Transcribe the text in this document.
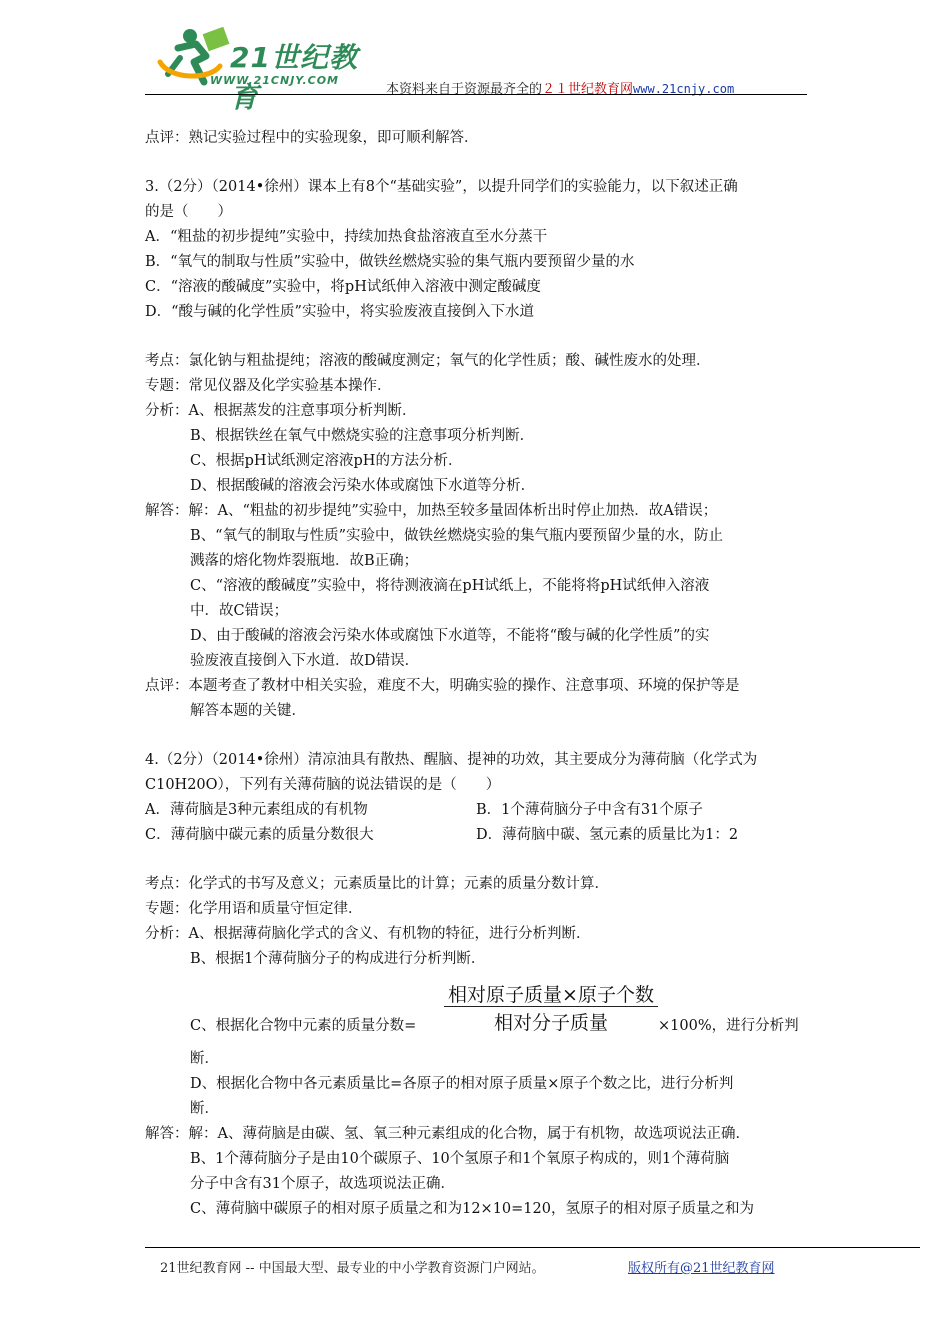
21世纪教育
WWW.21CNJY.COM
本资料来自于资源最齐全的２１世纪教育网www.21cnjy.com
点评：熟记实验过程中的实验现象，即可顺利解答．
3.（2分）（2014•徐州）课本上有8个“基础实验”，以提升同学们的实验能力，以下叙述正确
的是（　　）
A．“粗盐的初步提纯”实验中，持续加热食盐溶液直至水分蒸干
B．“氧气的制取与性质”实验中，做铁丝燃烧实验的集气瓶内要预留少量的水
C．“溶液的酸碱度”实验中，将pH试纸伸入溶液中测定酸碱度
D．“酸与碱的化学性质”实验中，将实验废液直接倒入下水道
考点：氯化钠与粗盐提纯；溶液的酸碱度测定；氧气的化学性质；酸、碱性废水的处理．
专题：常见仪器及化学实验基本操作．
分析：A、根据蒸发的注意事项分析判断．
B、根据铁丝在氧气中燃烧实验的注意事项分析判断．
C、根据pH试纸测定溶液pH的方法分析．
D、根据酸碱的溶液会污染水体或腐蚀下水道等分析．
解答：解：A、“粗盐的初步提纯”实验中，加热至较多量固体析出时停止加热．故A错误；
B、“氧气的制取与性质”实验中，做铁丝燃烧实验的集气瓶内要预留少量的水，防止
溅落的熔化物炸裂瓶地．故B正确；
C、“溶液的酸碱度”实验中，将待测液滴在pH试纸上，不能将将pH试纸伸入溶液
中．故C错误；
D、由于酸碱的溶液会污染水体或腐蚀下水道等，不能将“酸与碱的化学性质”的实
验废液直接倒入下水道．故D错误．
点评：本题考查了教材中相关实验，难度不大，明确实验的操作、注意事项、环境的保护等是
解答本题的关键．
4.（2分）（2014•徐州）清凉油具有散热、醒脑、提神的功效，其主要成分为薄荷脑（化学式为
C10H20O），下列有关薄荷脑的说法错误的是（　　）
A．薄荷脑是3种元素组成的有机物	B．1个薄荷脑分子中含有31个原子
C．薄荷脑中碳元素的质量分数很大	D．薄荷脑中碳、氢元素的质量比为1：2
考点：化学式的书写及意义；元素质量比的计算；元素的质量分数计算．
专题：化学用语和质量守恒定律．
分析：A、根据薄荷脑化学式的含义、有机物的特征，进行分析判断．
B、根据1个薄荷脑分子的构成进行分析判断．
C、根据化合物中元素的质量分数=	×100%，进行分析判
断．
D、根据化合物中各元素质量比=各原子的相对原子质量×原子个数之比，进行分析判
断．
解答：解：A、薄荷脑是由碳、氢、氧三种元素组成的化合物，属于有机物，故选项说法正确．
B、1个薄荷脑分子是由10个碳原子、10个氢原子和1个氧原子构成的，则1个薄荷脑
分子中含有31个原子，故选项说法正确．
C、薄荷脑中碳原子的相对原子质量之和为12×10=120，氢原子的相对原子质量之和为
相对原子质量×原子个数
相对分子质量
21世纪教育网 -- 中国最大型、最专业的中小学教育资源门户网站。	版权所有@21世纪教育网
